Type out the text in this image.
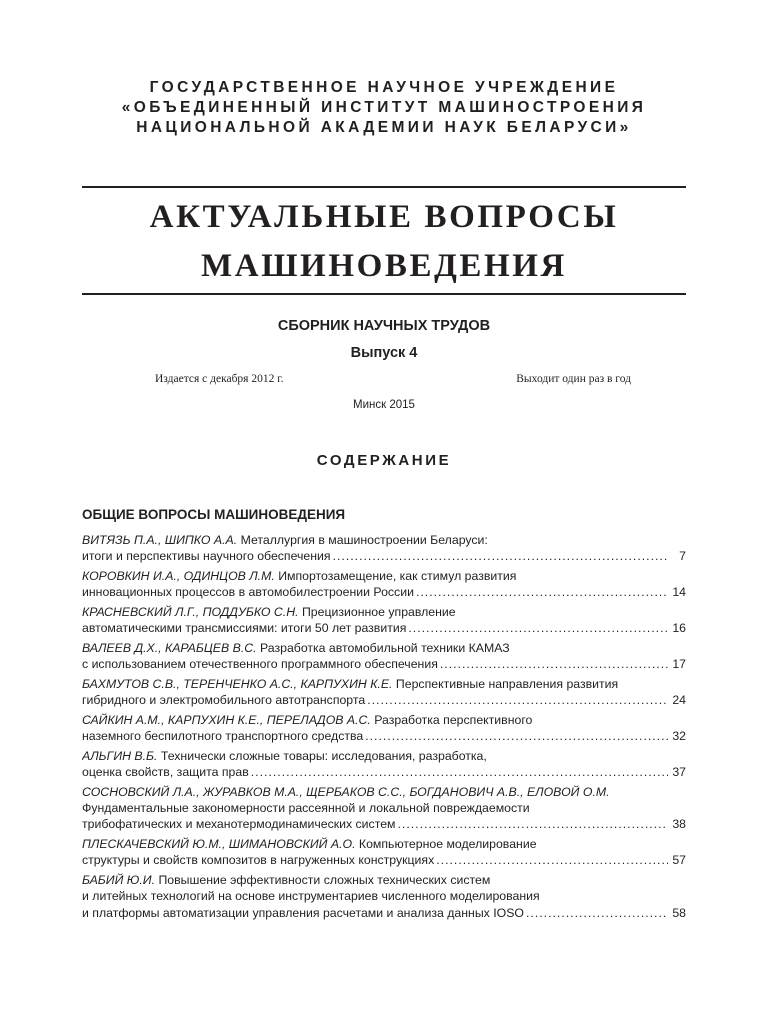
ГОСУДАРСТВЕННОЕ НАУЧНОЕ УЧРЕЖДЕНИЕ
«ОБЪЕДИНЕННЫЙ ИНСТИТУТ МАШИНОСТРОЕНИЯ
НАЦИОНАЛЬНОЙ АКАДЕМИИ НАУК БЕЛАРУСИ»
АКТУАЛЬНЫЕ ВОПРОСЫ
МАШИНОВЕДЕНИЯ
СБОРНИК НАУЧНЫХ ТРУДОВ
Выпуск 4
Издается с декабря 2012 г.	Выходит один раз в год
Минск 2015
СОДЕРЖАНИЕ
ОБЩИЕ ВОПРОСЫ МАШИНОВЕДЕНИЯ
ВИТЯЗЬ П.А., ШИПКО А.А. Металлургия в машиностроении Беларуси:
итоги и перспективы научного обеспечения .....	7
КОРОВКИН И.А., ОДИНЦОВ Л.М. Импортозамещение, как стимул развития
инновационных процессов в автомобилестроении России .....	14
КРАСНЕВСКИЙ Л.Г., ПОДДУБКО С.Н. Прецизионное управление
автоматическими трансмиссиями: итоги 50 лет развития .....	16
ВАЛЕЕВ Д.Х., КАРАБЦЕВ В.С. Разработка автомобильной техники КАМАЗ
с использованием отечественного программного обеспечения .....	17
БАХМУТОВ С.В., ТЕРЕНЧЕНКО А.С., КАРПУХИН К.Е. Перспективные направления развития
гибридного и электромобильного автотранспорта .....	24
САЙКИН А.М., КАРПУХИН К.Е., ПЕРЕЛАДОВ А.С. Разработка перспективного
наземного беспилотного транспортного средства .....	32
АЛЬГИН В.Б. Технически сложные товары: исследования, разработка,
оценка свойств, защита прав .....	37
СОСНОВСКИЙ Л.А., ЖУРАВКОВ М.А., ЩЕРБАКОВ С.С., БОГДАНОВИЧ А.В., ЕЛОВОЙ О.М.
Фундаментальные закономерности рассеянной и локальной повреждаемости
трибофатических и механотермодинамических систем .....	38
ПЛЕСКАЧЕВСКИЙ Ю.М., ШИМАНОВСКИЙ А.О. Компьютерное моделирование
структуры и свойств композитов в нагруженных конструкциях .....	57
БАБИЙ Ю.И. Повышение эффективности сложных технических систем
и литейных технологий на основе инструментариев численного моделирования
и платформы автоматизации управления расчетами и анализа данных IOSO .....	58
